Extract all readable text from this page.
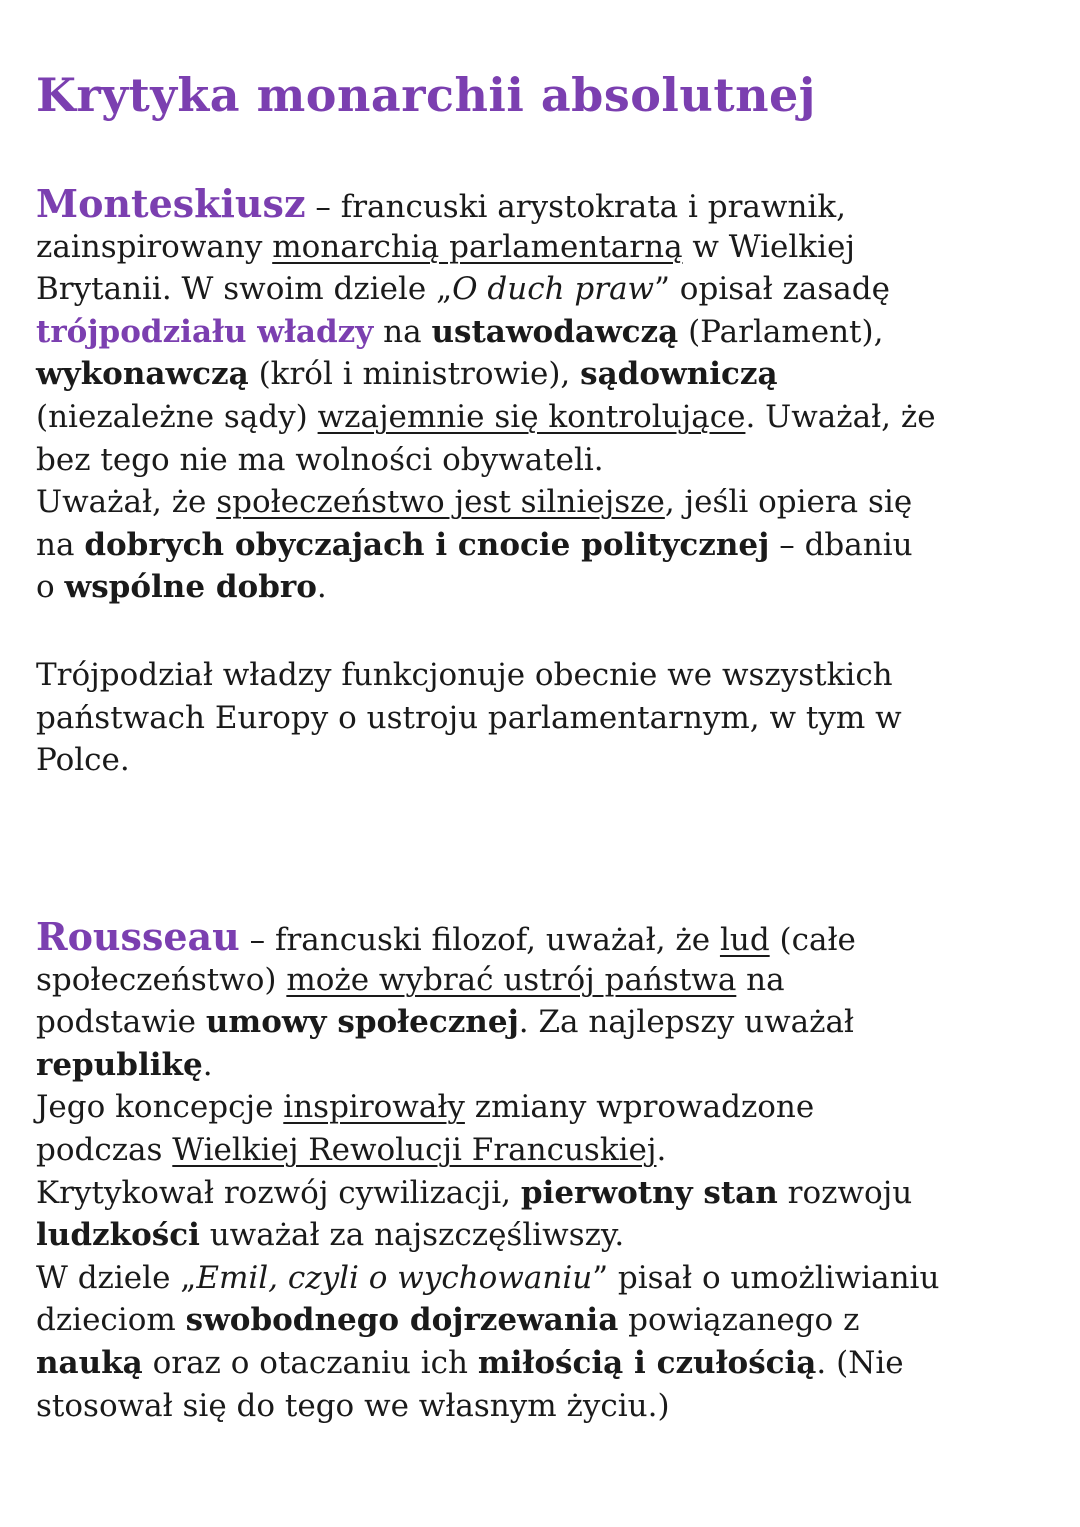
Krytyka monarchii absolutnej
Monteskiusz – francuski arystokrata i prawnik,
zainspirowany monarchią parlamentarną w Wielkiej
Brytanii. W swoim dziele „O duch praw” opisał zasadę
trójpodziału władzy na ustawodawczą (Parlament),
wykonawczą (król i ministrowie), sądowniczą
(niezależne sądy) wzajemnie się kontrolujące. Uważał, że
bez tego nie ma wolności obywateli.
Uważał, że społeczeństwo jest silniejsze, jeśli opiera się
na dobrych obyczajach i cnocie politycznej – dbaniu
o wspólne dobro.
Trójpodział władzy funkcjonuje obecnie we wszystkich
państwach Europy o ustroju parlamentarnym, w tym w
Polce.
Rousseau – francuski filozof, uważał, że lud (całe
społeczeństwo) może wybrać ustrój państwa na
podstawie umowy społecznej. Za najlepszy uważał
republikę.
Jego koncepcje inspirowały zmiany wprowadzone
podczas Wielkiej Rewolucji Francuskiej.
Krytykował rozwój cywilizacji, pierwotny stan rozwoju
ludzkości uważał za najszczęśliwszy.
W dziele „Emil, czyli o wychowaniu” pisał o umożliwianiu
dzieciom swobodnego dojrzewania powiązanego z
nauką oraz o otaczaniu ich miłością i czułością. (Nie
stosował się do tego we własnym życiu.)
